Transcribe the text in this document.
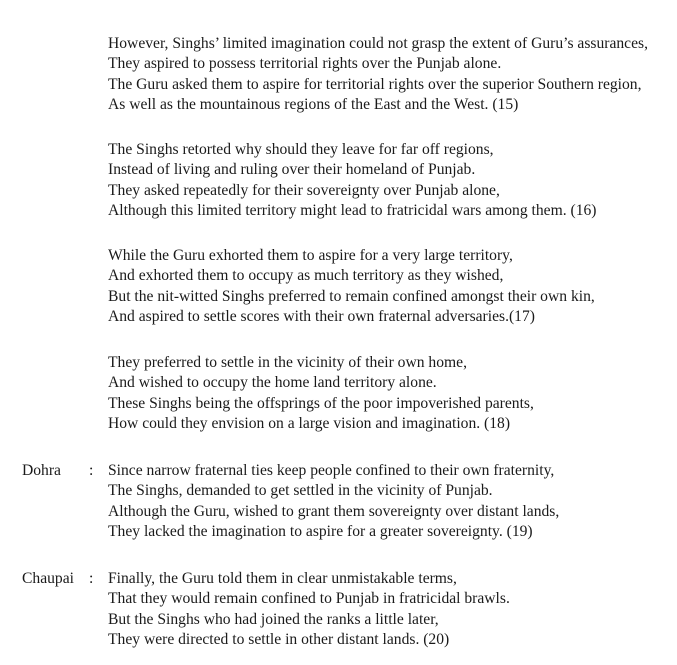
However, Singhs’ limited imagination could not grasp the extent of Guru’s assurances,
They aspired to possess territorial rights over the Punjab alone.
The Guru asked them to aspire for territorial rights over the superior Southern region,
As well as the mountainous regions of the East and the West. (15)
The Singhs retorted why should they leave for far off regions,
Instead of living and ruling over their homeland of Punjab.
They asked repeatedly for their sovereignty over Punjab alone,
Although this limited territory might lead to fratricidal wars among them. (16)
While the Guru exhorted them to aspire for a very large territory,
And exhorted them to occupy as much territory as they wished,
But the nit-witted Singhs preferred to remain confined amongst their own kin,
And aspired to settle scores with their own fraternal adversaries.(17)
They preferred to settle in the vicinity of their own home,
And wished to occupy the home land territory alone.
These Singhs being the offsprings of the poor impoverished parents,
How could they envision on a large vision and imagination. (18)
Dohra : Since narrow fraternal ties keep people confined to their own fraternity,
The Singhs, demanded to get settled in the vicinity of Punjab.
Although the Guru, wished to grant them sovereignty over distant lands,
They lacked the imagination to aspire for a greater sovereignty. (19)
Chaupai : Finally, the Guru told them in clear unmistakable terms,
That they would remain confined to Punjab in fratricidal brawls.
But the Singhs who had joined the ranks a little later,
They were directed to settle in other distant lands. (20)
